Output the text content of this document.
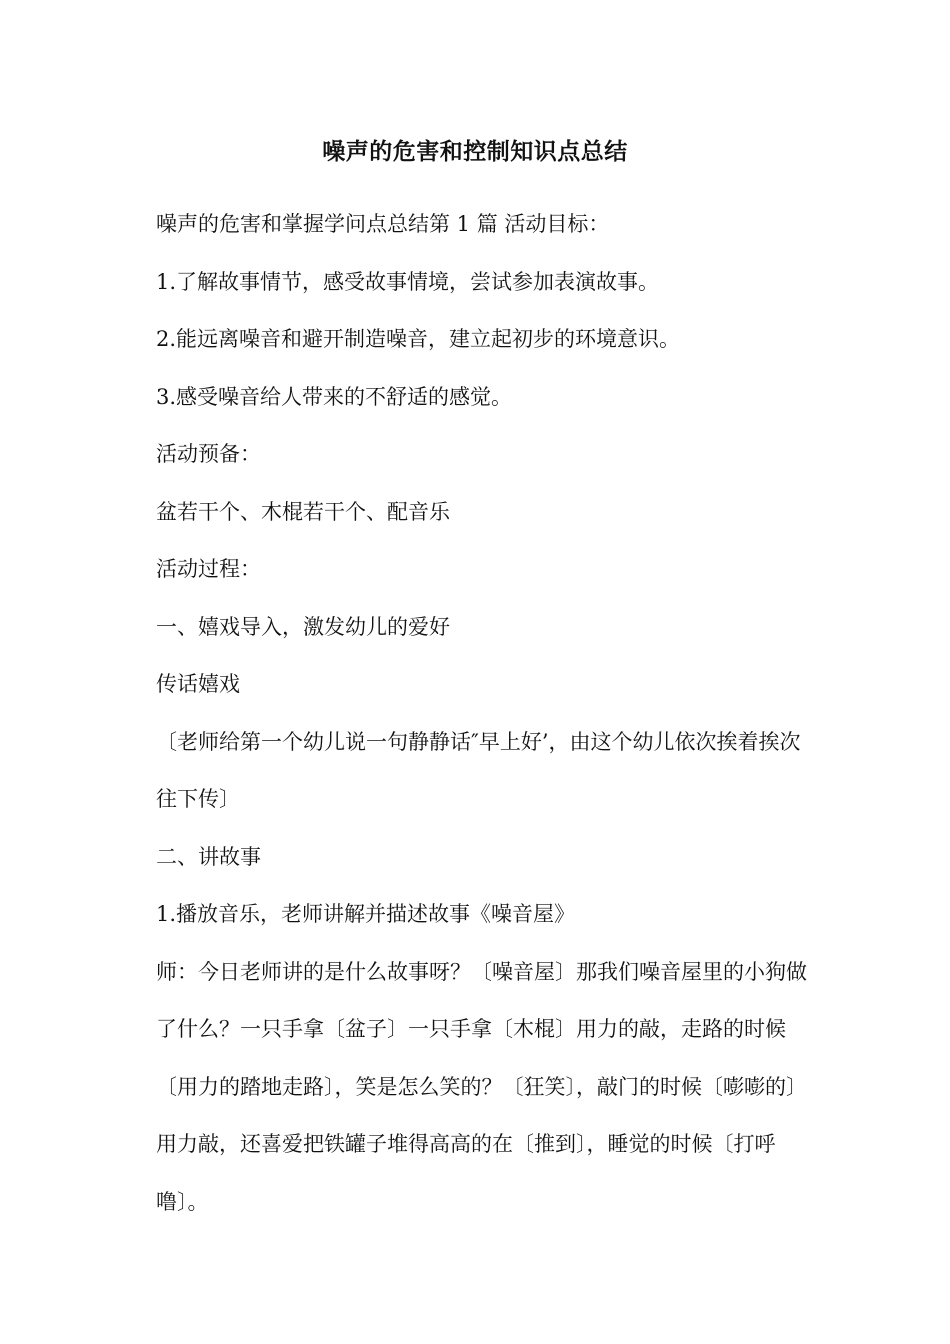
噪声的危害和控制知识点总结

噪声的危害和掌握学问点总结第 1 篇 活动目标：

1.了解故事情节，感受故事情境，尝试参加表演故事。

2.能远离噪音和避开制造噪音，建立起初步的环境意识。

3.感受噪音给人带来的不舒适的感觉。

活动预备：

盆若干个、木棍若干个、配音乐

活动过程：

一、嬉戏导入，激发幼儿的爱好

传话嬉戏

〔老师给第一个幼儿说一句静静话″早上好’，由这个幼儿依次挨着挨次往下传〕

二、讲故事

1.播放音乐，老师讲解并描述故事《噪音屋》

师：今日老师讲的是什么故事呀？〔噪音屋〕那我们噪音屋里的小狗做了什么？一只手拿〔盆子〕一只手拿〔木棍〕用力的敲，走路的时候〔用力的踏地走路〕，笑是怎么笑的？〔狂笑〕，敲门的时候〔嘭嘭的〕用力敲，还喜爱把铁罐子堆得高高的在〔推到〕，睡觉的时候〔打呼噜〕。
